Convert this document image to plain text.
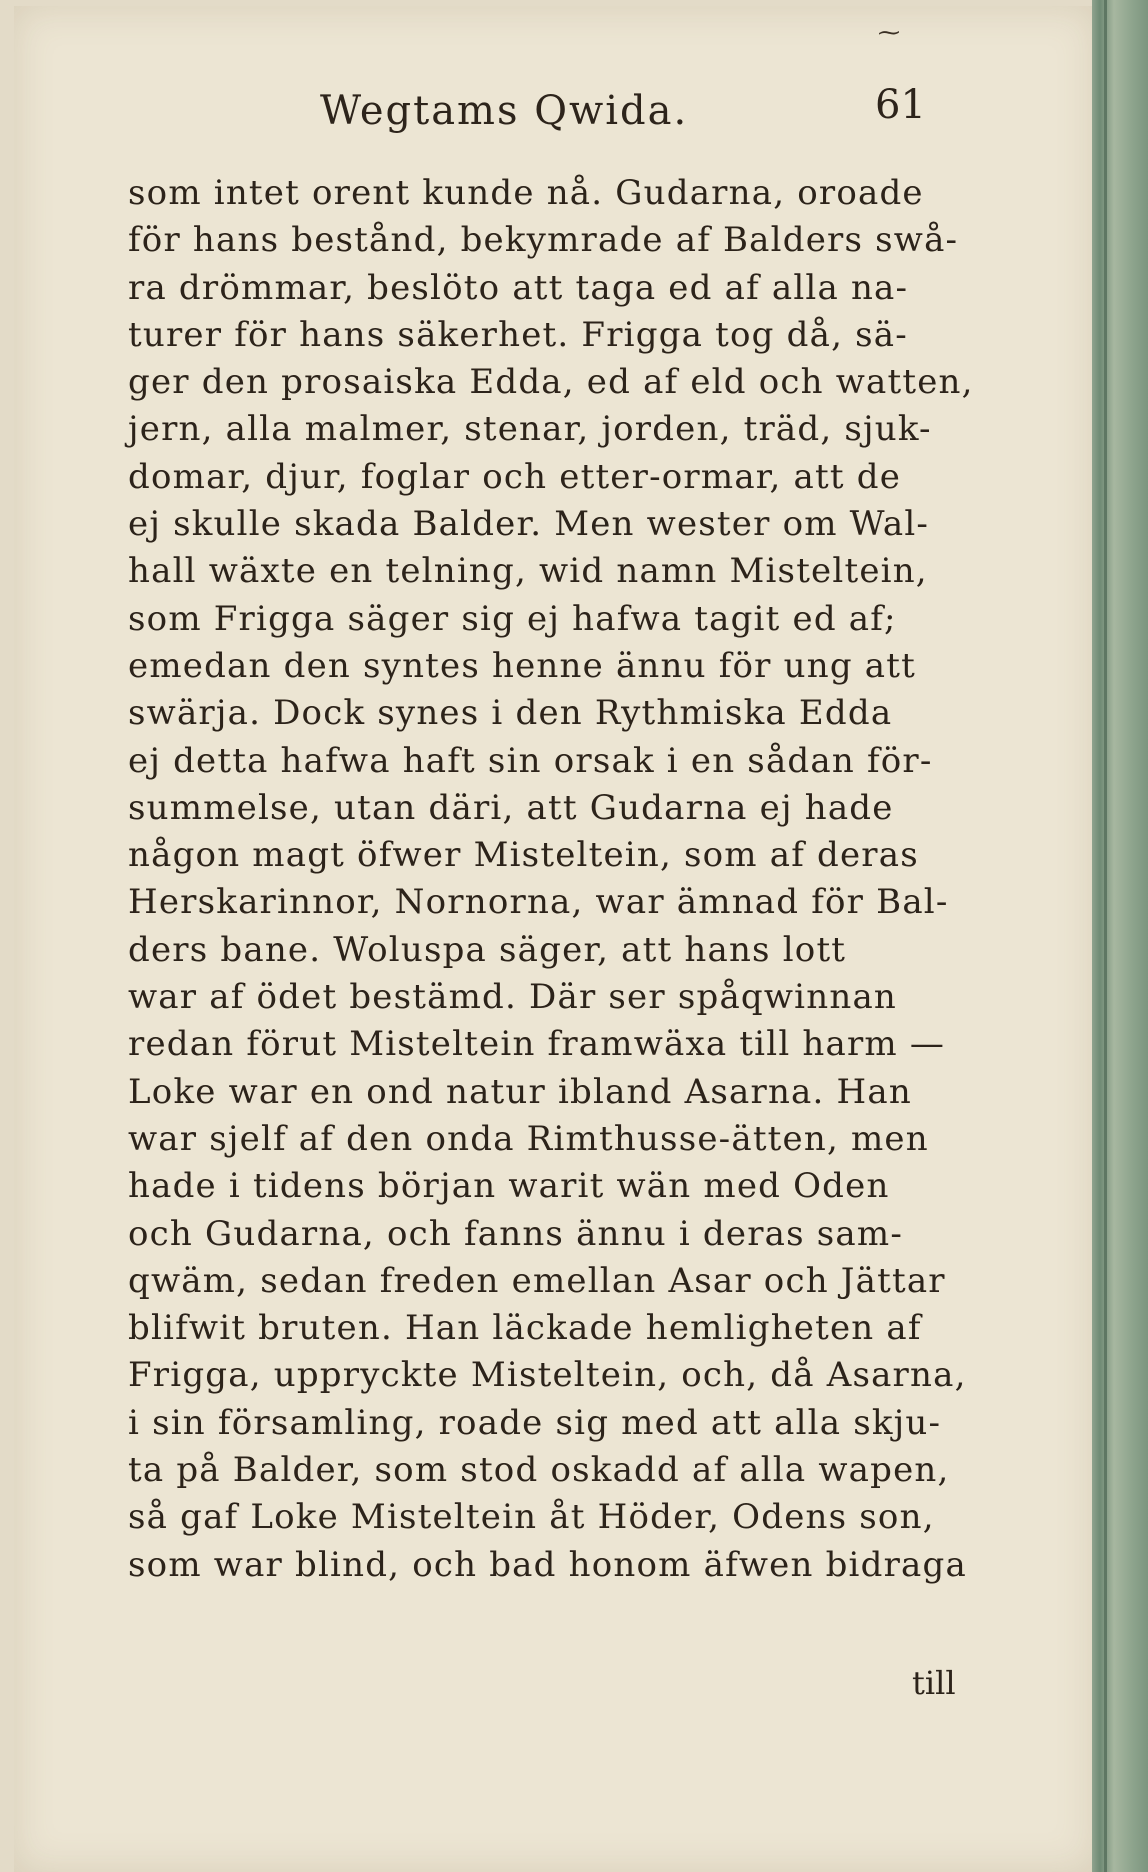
⁓
Wegtams Qwida.	61
som intet orent kunde nå. Gudarna, oroade
för hans bestånd, bekymrade af Balders swå-
ra drömmar, beslöto att taga ed af alla na-
turer för hans säkerhet. Frigga tog då, sä-
ger den prosaiska Edda, ed af eld och watten,
jern, alla malmer, stenar, jorden, träd, sjuk-
domar, djur, foglar och etter-ormar, att de
ej skulle skada Balder. Men wester om Wal-
hall wäxte en telning, wid namn Misteltein,
som Frigga säger sig ej hafwa tagit ed af;
emedan den syntes henne ännu för ung att
swärja. Dock synes i den Rythmiska Edda
ej detta hafwa haft sin orsak i en sådan för-
summelse, utan däri, att Gudarna ej hade
någon magt öfwer Misteltein, som af deras
Herskarinnor, Nornorna, war ämnad för Bal-
ders bane. Woluspa säger, att hans lott
war af ödet bestämd. Där ser spåqwinnan
redan förut Misteltein framwäxa till harm —
Loke war en ond natur ibland Asarna. Han
war sjelf af den onda Rimthusse-ätten, men
hade i tidens början warit wän med Oden
och Gudarna, och fanns ännu i deras sam-
qwäm, sedan freden emellan Asar och Jättar
blifwit bruten. Han läckade hemligheten af
Frigga, uppryckte Misteltein, och, då Asarna,
i sin församling, roade sig med att alla skju-
ta på Balder, som stod oskadd af alla wapen,
så gaf Loke Misteltein åt Höder, Odens son,
som war blind, och bad honom äfwen bidraga
till
